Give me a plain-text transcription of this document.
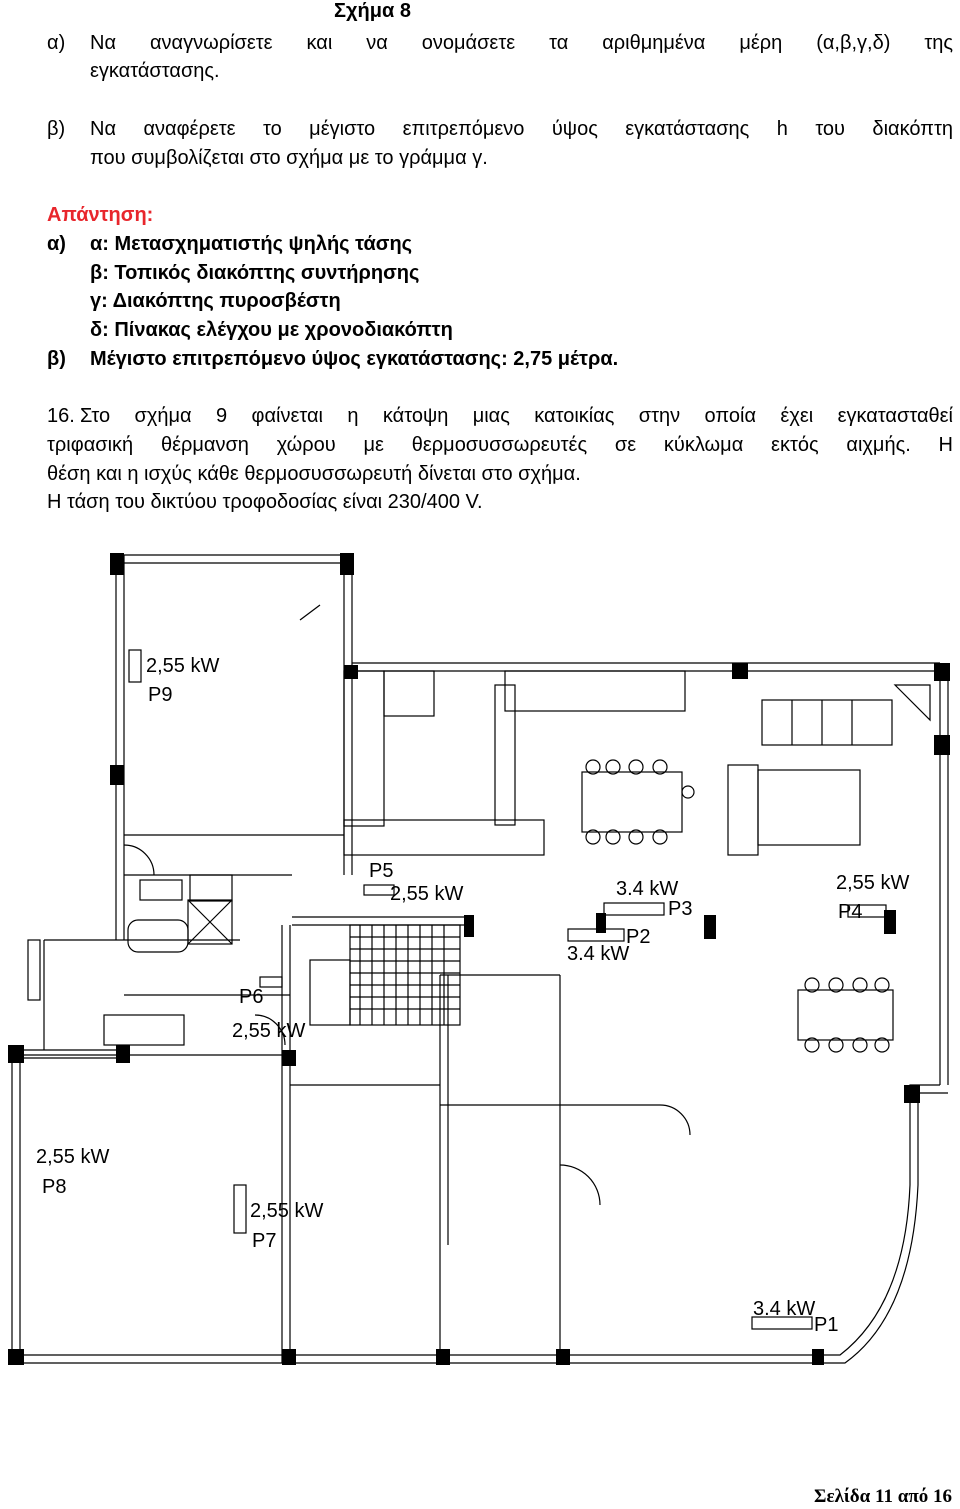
Σχήμα 8
α) Να αναγνωρίσετε και να ονομάσετε τα αριθμημένα μέρη (α,β,γ,δ) της
εγκατάστασης.
β) Να αναφέρετε το μέγιστο επιτρεπόμενο ύψος εγκατάστασης h του διακόπτη
που συμβολίζεται στο σχήμα με το γράμμα γ.
Απάντηση:
α) α: Μετασχηματιστής ψηλής τάσης
β: Τοπικός διακόπτης συντήρησης
γ: Διακόπτης πυροσβέστη
δ: Πίνακας ελέγχου με χρονοδιακόπτη
β) Μέγιστο επιτρεπόμενο ύψος εγκατάστασης: 2,75 μέτρα.
16. Στο σχήμα 9 φαίνεται η κάτοψη μιας κατοικίας στην οποία έχει εγκατασταθεί
τριφασική θέρμανση χώρου με θερμοσυσσωρευτές σε κύκλωμα εκτός αιχμής. Η
θέση και η ισχύς κάθε θερμοσυσσωρευτή δίνεται στο σχήμα.
Η τάση του δικτύου τροφοδοσίας είναι 230/400 V.
2,55 kW
P9
2,55 kW
P8
2,55 kW
P7
P6
2,55 kW
P5
2,55 kW	3.4 kW
P3
P2
3.4 kW
2,55 kW
P4
3.4 kW
P1
Σελίδα 11 από 16
